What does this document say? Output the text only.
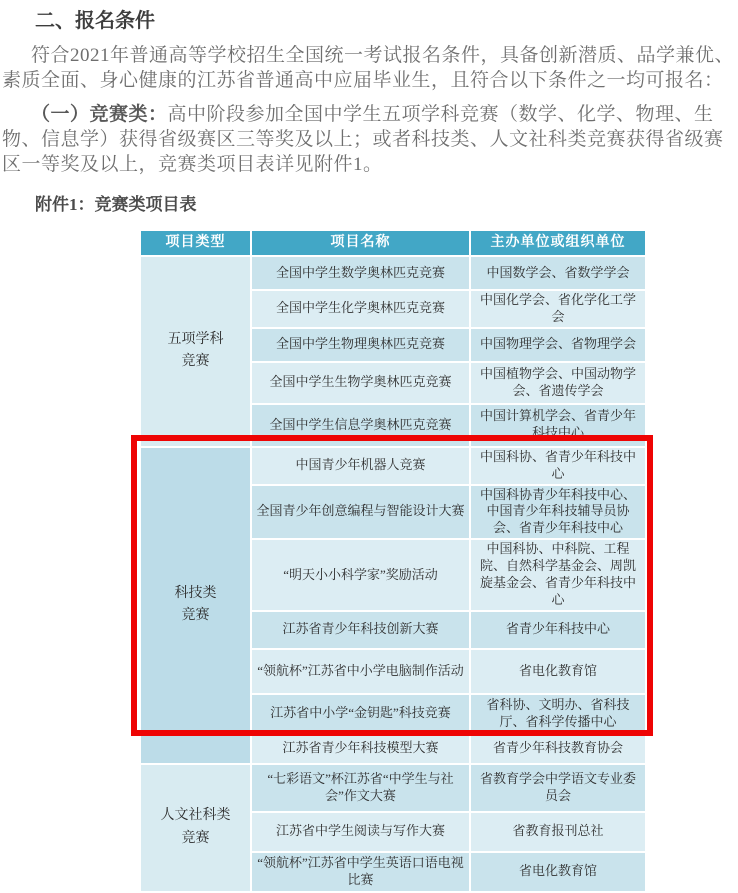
二、报名条件

符合2021年普通高等学校招生全国统一考试报名条件，具备创新潜质、品学兼优、素质全面、身心健康的江苏省普通高中应届毕业生，且符合以下条件之一均可报名：

（一）竞赛类：高中阶段参加全国中学生五项学科竞赛（数学、化学、物理、生物、信息学）获得省级赛区三等奖及以上；或者科技类、人文社科类竞赛获得省级赛区一等奖及以上，竞赛类项目表详见附件1。

附件1：竞赛类项目表

项目类型	项目名称	主办单位或组织单位

五项学科
竞赛	全国中学生数学奥林匹克竞赛	中国数学会、省数学学会
	全国中学生化学奥林匹克竞赛	中国化学会、省化学化工学会
	全国中学生物理奥林匹克竞赛	中国物理学会、省物理学会
	全国中学生生物学奥林匹克竞赛	中国植物学会、中国动物学会、省遗传学会
	全国中学生信息学奥林匹克竞赛	中国计算机学会、省青少年科技中心

科技类
竞赛	中国青少年机器人竞赛	中国科协、省青少年科技中心
	全国青少年创意编程与智能设计大赛	中国科协青少年科技中心、中国青少年科技辅导员协会、省青少年科技中心
	“明天小小科学家”奖励活动	中国科协、中科院、工程院、自然科学基金会、周凯旋基金会、省青少年科技中心
	江苏省青少年科技创新大赛	省青少年科技中心
	“领航杯”江苏省中小学电脑制作活动	省电化教育馆
	江苏省中小学“金钥匙”科技竞赛	省科协、文明办、省科技厅、省科学传播中心
	江苏省青少年科技模型大赛	省青少年科技教育协会

人文社科类
竞赛	“七彩语文”杯江苏省“中学生与社会”作文大赛	省教育学会中学语文专业委员会
	江苏省中学生阅读与写作大赛	省教育报刊总社
	“领航杯”江苏省中学生英语口语电视比赛	省电化教育馆
